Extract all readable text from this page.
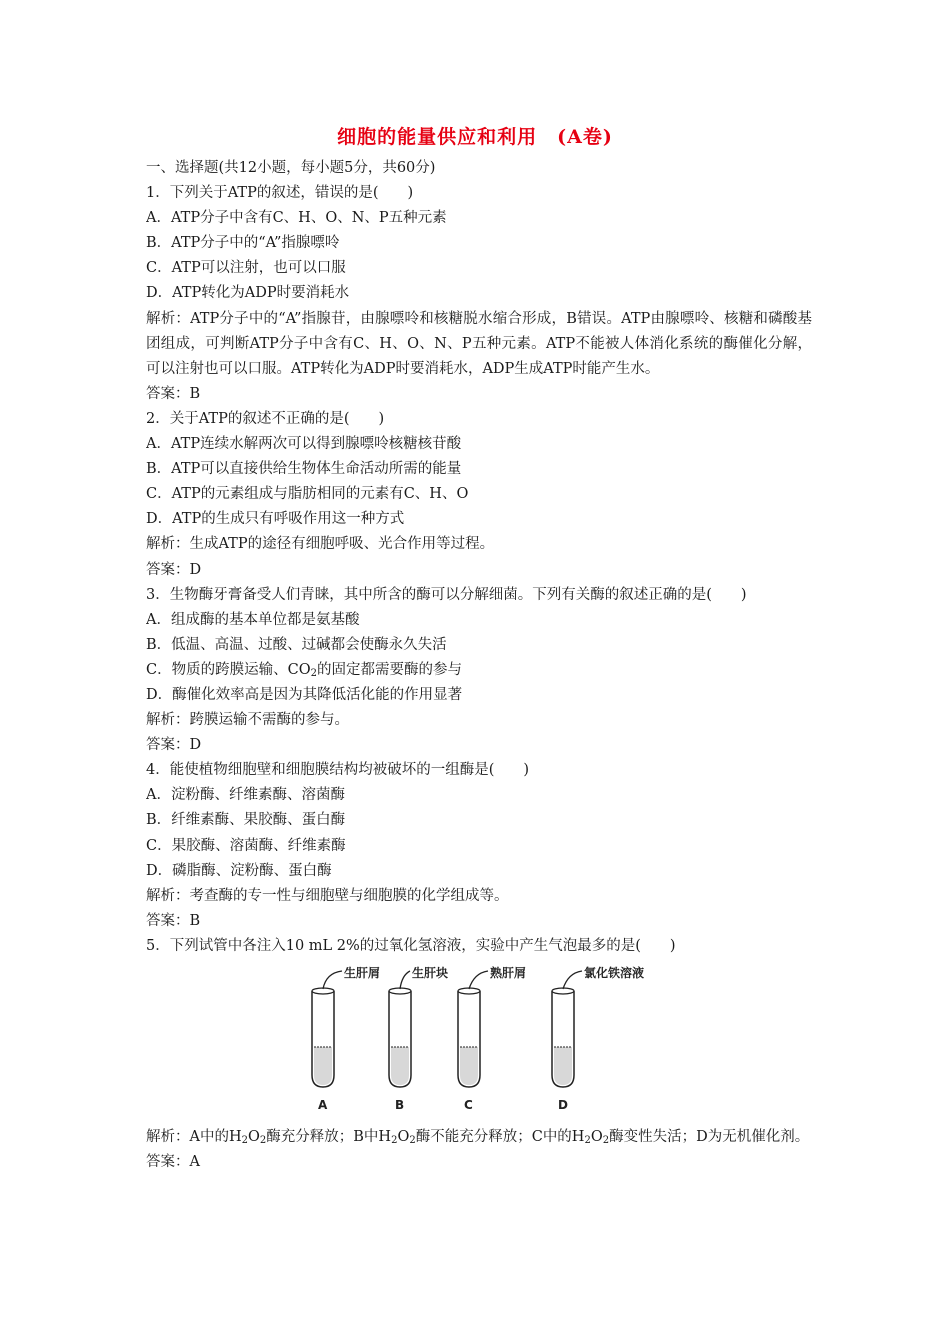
细胞的能量供应和利用　(A卷)
一、选择题(共12小题，每小题5分，共60分)
1．下列关于ATP的叙述，错误的是(　　)
A．ATP分子中含有C、H、O、N、P五种元素
B．ATP分子中的“A”指腺嘌呤
C．ATP可以注射，也可以口服
D．ATP转化为ADP时要消耗水
解析：ATP分子中的“A”指腺苷，由腺嘌呤和核糖脱水缩合形成，B错误。ATP由腺嘌呤、核糖和磷酸基团组成，可判断ATP分子中含有C、H、O、N、P五种元素。ATP不能被人体消化系统的酶催化分解，可以注射也可以口服。ATP转化为ADP时要消耗水，ADP生成ATP时能产生水。
答案：B
2．关于ATP的叙述不正确的是(　　)
A．ATP连续水解两次可以得到腺嘌呤核糖核苷酸
B．ATP可以直接供给生物体生命活动所需的能量
C．ATP的元素组成与脂肪相同的元素有C、H、O
D．ATP的生成只有呼吸作用这一种方式
解析：生成ATP的途径有细胞呼吸、光合作用等过程。
答案：D
3．生物酶牙膏备受人们青睐，其中所含的酶可以分解细菌。下列有关酶的叙述正确的是(　　)
A．组成酶的基本单位都是氨基酸
B．低温、高温、过酸、过碱都会使酶永久失活
C．物质的跨膜运输、$CO_2$的固定都需要酶的参与
D．酶催化效率高是因为其降低活化能的作用显著
解析：跨膜运输不需酶的参与。
答案：D
4．能使植物细胞壁和细胞膜结构均被破坏的一组酶是(　　)
A．淀粉酶、纤维素酶、溶菌酶
B．纤维素酶、果胶酶、蛋白酶
C．果胶酶、溶菌酶、纤维素酶
D．磷脂酶、淀粉酶、蛋白酶
解析：考查酶的专一性与细胞壁与细胞膜的化学组成等。
答案：B
5．下列试管中各注入10 mL 2%的过氧化氢溶液，实验中产生气泡最多的是(　　)
生肝屑
A
生肝块
B
熟肝屑
C
氯化铁溶液
D
解析：A中的$H_2O_2$酶充分释放；B中$H_2O_2$酶不能充分释放；C中的$H_2O_2$酶变性失活；D为无机催化剂。
答案：A
